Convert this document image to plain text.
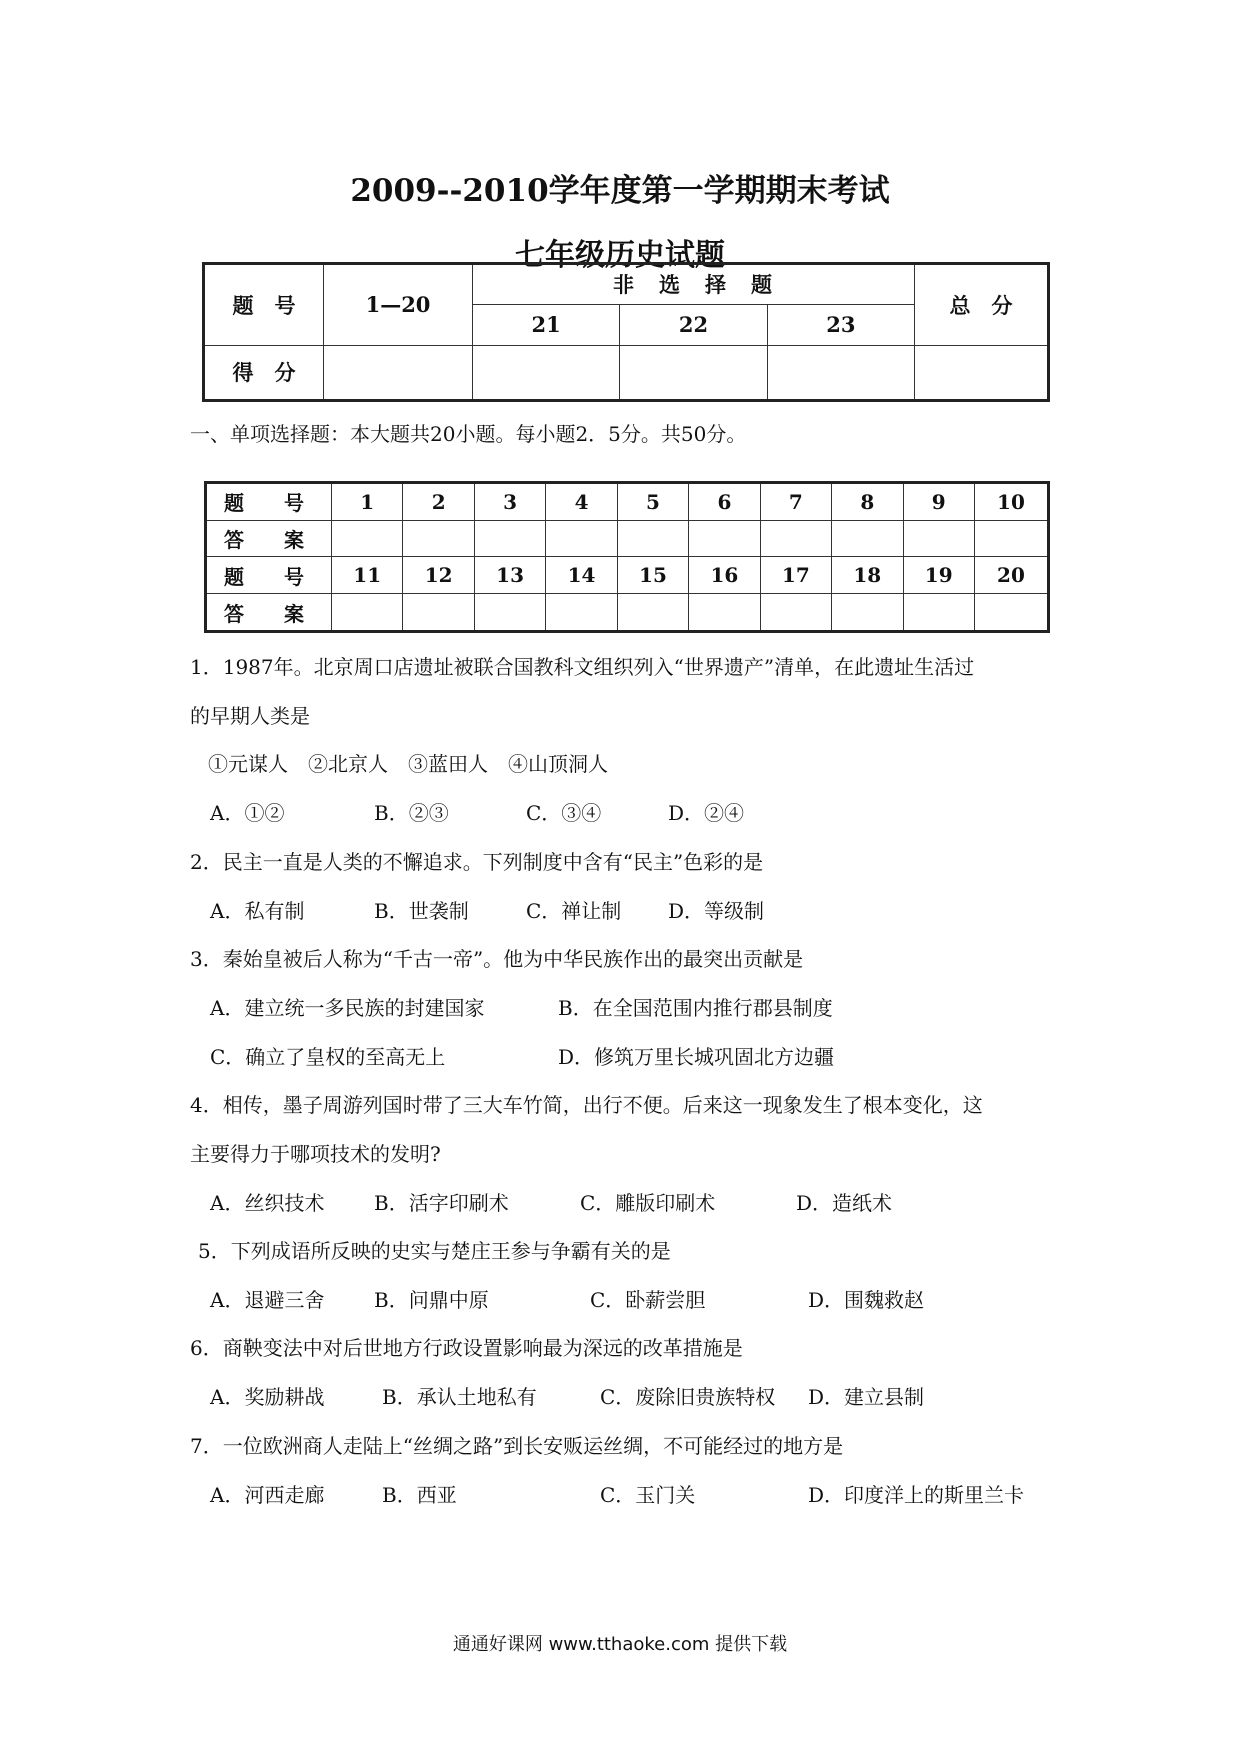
2009--2010学年度第一学期期末考试
七年级历史试题
题　号	1—20	非　选　择　题			总　分
		21	22	23	
得　分					
一、单项选择题：本大题共20小题。每小题2．5分。共50分。
题　号	1	2	3	4	5	6	7	8	9	10
答　案										
题　号	11	12	13	14	15	16	17	18	19	20
答　案										
1．1987年。北京周口店遗址被联合国教科文组织列入“世界遗产”清单，在此遗址生活过
的早期人类是
①元谋人　②北京人　③蓝田人　④山顶洞人
A．①②	B．②③	C．③④	D．②④
2．民主一直是人类的不懈追求。下列制度中含有“民主”色彩的是
A．私有制	B．世袭制	C．禅让制 D．等级制
3．秦始皇被后人称为“千古一帝”。他为中华民族作出的最突出贡献是
A．建立统一多民族的封建国家	B．在全国范围内推行郡县制度
C．确立了皇权的至高无上	D．修筑万里长城巩固北方边疆
4．相传，墨子周游列国时带了三大车竹简，出行不便。后来这一现象发生了根本变化，这
主要得力于哪项技术的发明?
A．丝织技术 B．活字印刷术	C．雕版印刷术	D．造纸术
5．下列成语所反映的史实与楚庄王参与争霸有关的是
A．退避三舍 B．问鼎中原	C．卧薪尝胆	D．围魏救赵
6．商鞅变法中对后世地方行政设置影响最为深远的改革措施是
A．奖励耕战	B．承认土地私有	C．废除旧贵族特权 D．建立县制
7．一位欧洲商人走陆上“丝绸之路”到长安贩运丝绸，不可能经过的地方是
A．河西走廊	B．西亚	C．玉门关	D．印度洋上的斯里兰卡
通通好课网 www.tthaoke.com 提供下载
